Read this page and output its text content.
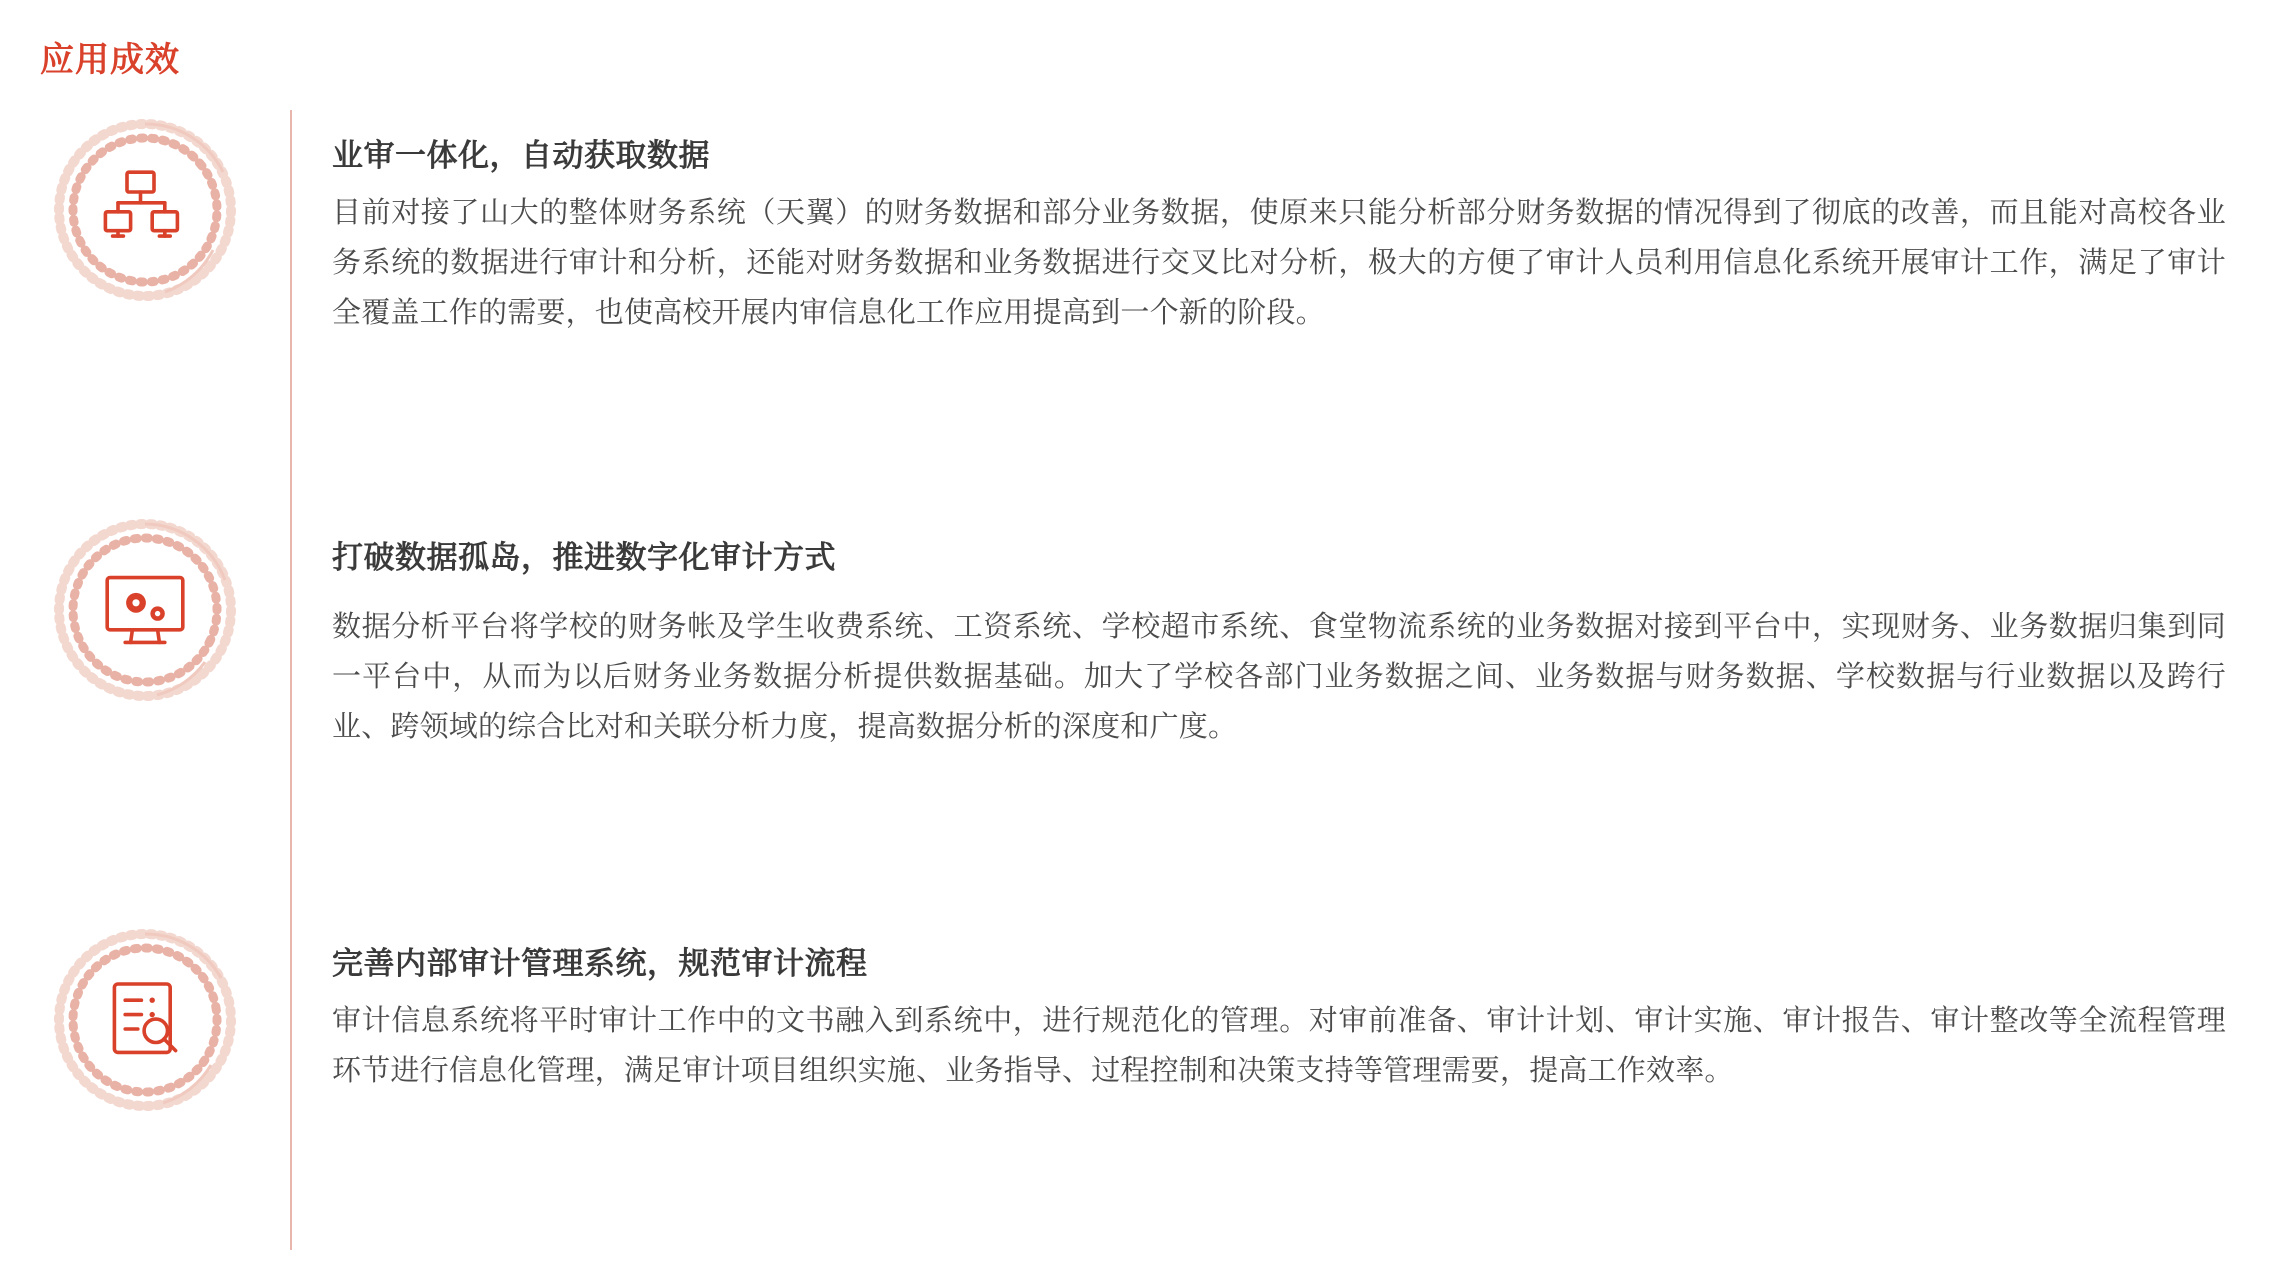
应用成效
业审一体化，自动获取数据

目前对接了山大的整体财务系统（天翼）的财务数据和部分业务数据，使原来只能分析部分财务数据的情况得到了彻底的改善，而且能对高校各业务系统的数据进行审计和分析，还能对财务数据和业务数据进行交叉比对分析，极大的方便了审计人员利用信息化系统开展审计工作，满足了审计全覆盖工作的需要，也使高校开展内审信息化工作应用提高到一个新的阶段。

打破数据孤岛，推进数字化审计方式

数据分析平台将学校的财务帐及学生收费系统、工资系统、学校超市系统、食堂物流系统的业务数据对接到平台中，实现财务、业务数据归集到同一平台中，从而为以后财务业务数据分析提供数据基础。加大了学校各部门业务数据之间、业务数据与财务数据、学校数据与行业数据以及跨行业、跨领域的综合比对和关联分析力度，提高数据分析的深度和广度。

完善内部审计管理系统，规范审计流程

审计信息系统将平时审计工作中的文书融入到系统中，进行规范化的管理。对审前准备、审计计划、审计实施、审计报告、审计整改等全流程管理环节进行信息化管理，满足审计项目组织实施、业务指导、过程控制和决策支持等管理需要，提高工作效率。
